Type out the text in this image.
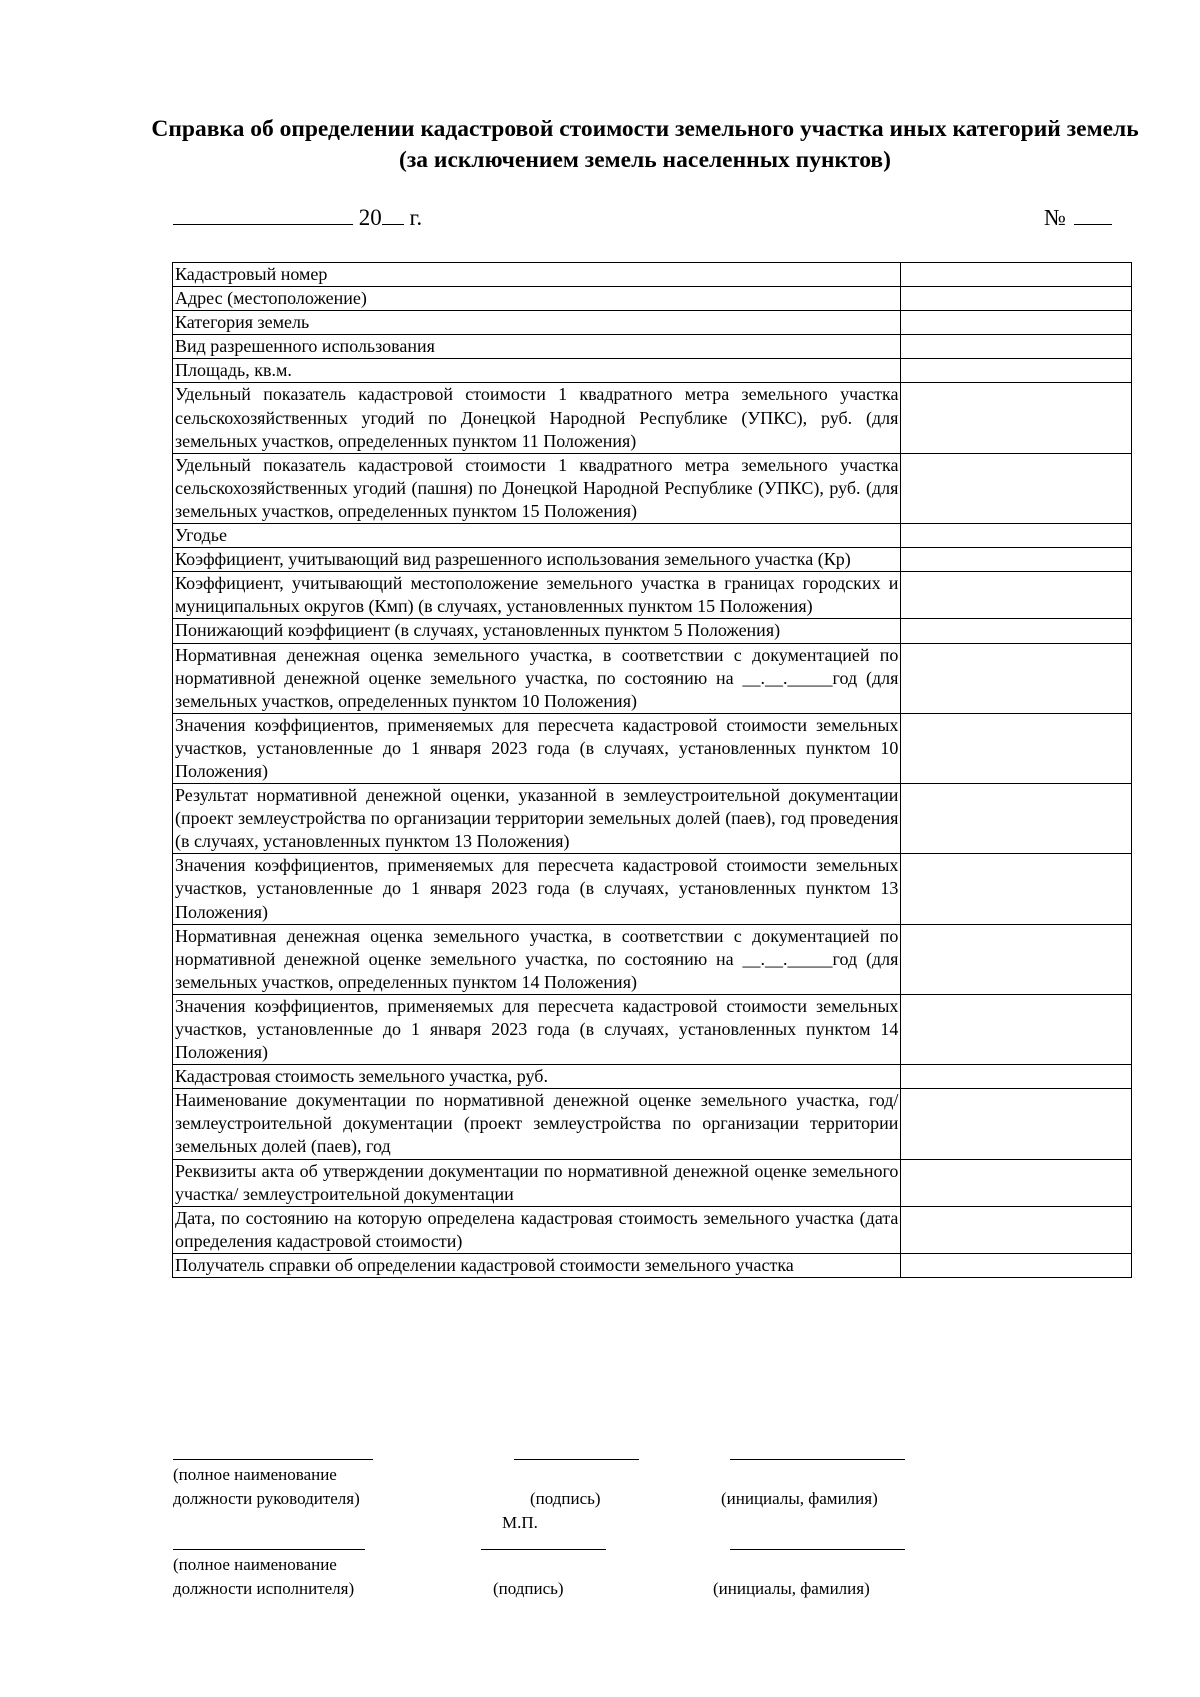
Справка об определении кадастровой стоимости земельного участка иных категорий земель (за исключением земель населенных пунктов)
20 г.	№
Кадастровый номер	
Адрес (местоположение)	
Категория земель	
Вид разрешенного использования	
Площадь, кв.м.	
Удельный показатель кадастровой стоимости 1 квадратного метра земельного участка сельскохозяйственных угодий по Донецкой Народной Республике (УПКС), руб. (для земельных участков, определенных пунктом 11 Положения)	
Удельный показатель кадастровой стоимости 1 квадратного метра земельного участка сельскохозяйственных угодий (пашня) по Донецкой Народной Республике (УПКС), руб. (для земельных участков, определенных пунктом 15 Положения)	
Угодье	
Коэффициент, учитывающий вид разрешенного использования земельного участка (Кр)	
Коэффициент, учитывающий местоположение земельного участка в границах городских и муниципальных округов (Кмп) (в случаях, установленных пунктом 15 Положения)	
Понижающий коэффициент (в случаях, установленных пунктом 5 Положения)	
Нормативная денежная оценка земельного участка, в соответствии с документацией по нормативной денежной оценке земельного участка, по состоянию на __.__._____год (для земельных участков, определенных пунктом 10 Положения)	
Значения коэффициентов, применяемых для пересчета кадастровой стоимости земельных участков, установленные до 1 января 2023 года (в случаях, установленных пунктом 10 Положения)	
Результат нормативной денежной оценки, указанной в землеустроительной документации (проект землеустройства по организации территории земельных долей (паев), год проведения (в случаях, установленных пунктом 13 Положения)	
Значения коэффициентов, применяемых для пересчета кадастровой стоимости земельных участков, установленные до 1 января 2023 года (в случаях, установленных пунктом 13 Положения)	
Нормативная денежная оценка земельного участка, в соответствии с документацией по нормативной денежной оценке земельного участка, по состоянию на __.__._____год (для земельных участков, определенных пунктом 14 Положения)	
Значения коэффициентов, применяемых для пересчета кадастровой стоимости земельных участков, установленные до 1 января 2023 года (в случаях, установленных пунктом 14 Положения)	
Кадастровая стоимость земельного участка, руб.	
Наименование документации по нормативной денежной оценке земельного участка, год/ землеустроительной документации (проект землеустройства по организации территории земельных долей (паев), год	
Реквизиты акта об утверждении документации по нормативной денежной оценке земельного участка/ землеустроительной документации	
Дата, по состоянию на которую определена кадастровая стоимость земельного участка (дата определения кадастровой стоимости)	
Получатель справки об определении кадастровой стоимости земельного участка	
(полное наименование
должности руководителя)	(подпись)	(инициалы, фамилия)
М.П.
(полное наименование
должности исполнителя)	(подпись)	(инициалы, фамилия)
